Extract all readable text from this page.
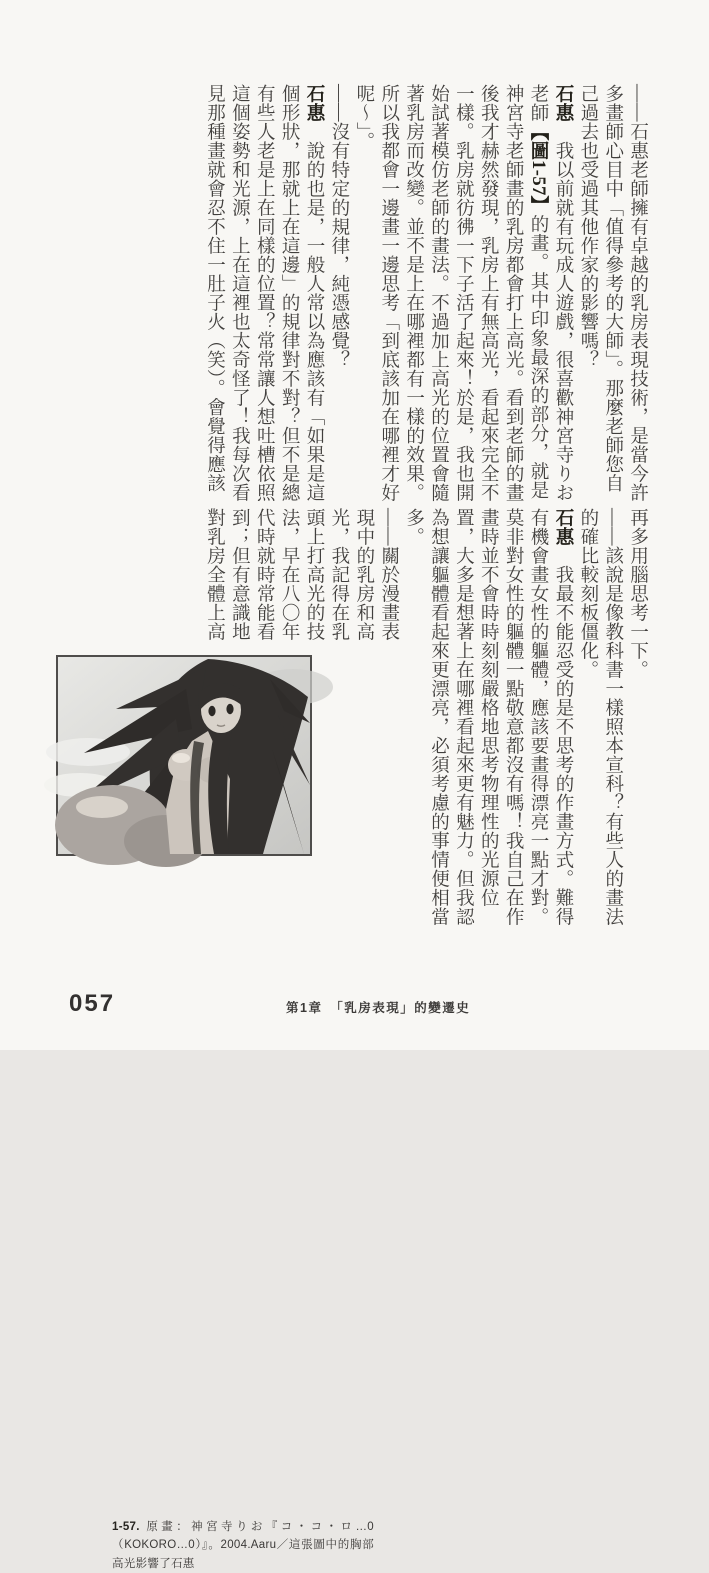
——石惠老師擁有卓越的乳房表現技術，是當今許
多畫師心目中「值得參考的大師」。那麼老師您自
己過去也受過其他作家的影響嗎？
石惠　我以前就有玩成人遊戲，很喜歡神宮寺りお
老師【圖1-57】的畫。其中印象最深的部分，就是
神宮寺老師畫的乳房都會打上高光。看到老師的畫
後我才赫然發現，乳房上有無高光，看起來完全不
一樣。乳房就彷彿一下子活了起來！於是，我也開
始試著模仿老師的畫法。不過加上高光的位置會隨
著乳房而改變。並不是上在哪裡都有一樣的效果。
所以我都會一邊畫一邊思考「到底該加在哪裡才好
呢～」。
——沒有特定的規律，純憑感覺？
石惠　說的也是，一般人常以為應該有「如果是這
個形狀，那就上在這邊」的規律對不對？但不是總
有些人老是上在同樣的位置？常常讓人想吐槽依照
這個姿勢和光源，上在這裡也太奇怪了！我每次看
見那種畫就會忍不住一肚子火（笑）。會覺得應該
再多用腦思考一下。
——該說是像教科書一樣照本宣科？有些人的畫法
的確比較刻板僵化。
石惠　我最不能忍受的是不思考的作畫方式。難得
有機會畫女性的軀體，應該要畫得漂亮一點才對。
莫非對女性的軀體一點敬意都沒有嗎！我自己在作
畫時並不會時時刻刻嚴格地思考物理性的光源位
置，大多是想著上在哪裡看起來更有魅力。但我認
為想讓軀體看起來更漂亮，必須考慮的事情便相當
多。
——關於漫畫表
現中的乳房和高
光，我記得在乳
頭上打高光的技
法，早在八〇年
代時就時常能看
到；但有意識地
對乳房全體上高
1-57. 原畫：神宮寺りお『コ・コ・ロ…0（KOKORO…0）』。2004.Aaru／這張圖中的胸部高光影響了石惠
057	第1章　「乳房表現」的變遷史
